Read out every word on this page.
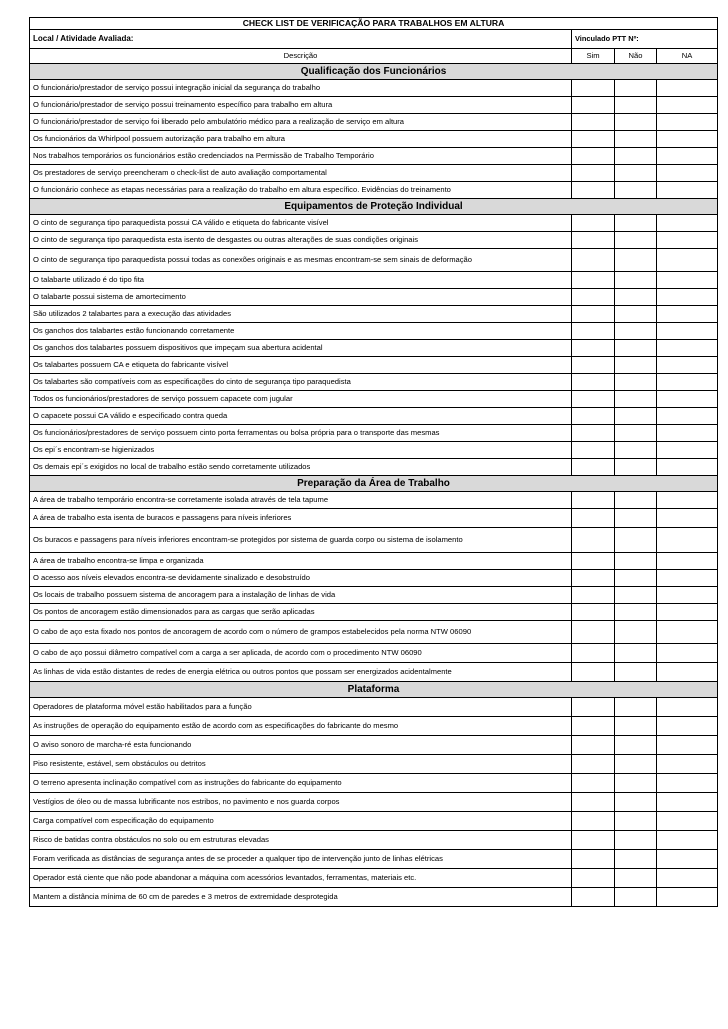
CHECK LIST DE VERIFICAÇÃO PARA TRABALHOS EM ALTURA			
Local / Atividade Avaliada:	Vinculado PTT Nº:		
Descrição	Sim	Não	NA
Qualificação dos Funcionários			
O funcionário/prestador de serviço possui integração inicial da segurança do trabalho			
O funcionário/prestador de serviço possui treinamento específico para trabalho em altura			
O funcionário/prestador de serviço foi liberado pelo ambulatório médico para a realização de serviço em altura			
Os funcionários da Whirlpool possuem autorização para trabalho em altura			
Nos trabalhos temporários os funcionários estão credenciados na Permissão de Trabalho Temporário			
Os prestadores de serviço preencheram o check-list de auto avaliação comportamental			
O funcionário conhece as etapas necessárias para a realização do trabalho em altura específico. Evidências do treinamento			
Equipamentos de Proteção Individual			
O cinto de segurança tipo paraquedista possui CA válido e etiqueta do fabricante visível			
O cinto de segurança tipo paraquedista esta isento de desgastes ou outras alterações de suas condições originais			
O cinto de segurança tipo paraquedista possui todas as conexões originais e as mesmas encontram-se sem sinais de deformação			
O talabarte utilizado é do tipo fita			
O talabarte possui sistema de amortecimento			
São utilizados 2 talabartes para a execução das atividades			
Os ganchos dos talabartes estão funcionando corretamente			
Os ganchos dos talabartes possuem dispositivos que impeçam sua abertura acidental			
Os talabartes possuem CA e etiqueta do fabricante visível			
Os talabartes são compatíveis com as especificações do cinto de segurança tipo paraquedista			
Todos os funcionários/prestadores de serviço possuem capacete com jugular			
O capacete possui CA válido e especificado contra queda			
Os funcionários/prestadores de serviço possuem cinto porta ferramentas ou bolsa própria para o transporte das mesmas			
Os epi´s encontram-se higienizados			
Os demais epi´s exigidos no local de trabalho estão sendo corretamente utilizados			
Preparação da Área de Trabalho			
A área de trabalho temporário encontra-se corretamente isolada através de tela tapume			
A área de trabalho esta isenta de buracos e passagens para níveis inferiores			
Os buracos e passagens para níveis inferiores encontram-se protegidos por sistema de guarda corpo ou sistema de isolamento			
A área de trabalho encontra-se limpa e organizada			
O acesso aos níveis elevados encontra-se devidamente sinalizado e desobstruído			
Os locais de trabalho possuem sistema de ancoragem para a instalação de linhas de vida			
Os pontos de ancoragem estão dimensionados para as cargas que serão aplicadas			
O cabo de aço esta fixado nos pontos de ancoragem de acordo com o número de grampos estabelecidos pela norma NTW 06090			
O cabo de aço possui diâmetro compatível com a carga a ser aplicada, de acordo com o procedimento NTW 06090			
As linhas de vida estão distantes de redes de energia elétrica ou outros pontos que possam ser energizados acidentalmente			
Plataforma			
Operadores de plataforma móvel estão habilitados para a função			
As instruções de operação do equipamento estão de acordo com as especificações do fabricante do mesmo			
O aviso sonoro de marcha-ré esta funcionando			
Piso resistente, estável, sem obstáculos ou detritos			
O terreno apresenta inclinação compatível com as instruções do fabricante do equipamento			
Vestígios de óleo ou de massa lubrificante nos estribos, no pavimento e nos guarda corpos			
Carga compatível com especificação do equipamento			
Risco de batidas contra obstáculos no solo ou em estruturas elevadas			
Foram verificada as distâncias de segurança antes de se proceder a qualquer tipo de intervenção junto de linhas elétricas			
Operador está ciente que não pode abandonar a máquina com acessórios levantados, ferramentas, materiais etc.			
Mantem a distância mínima de 60 cm de paredes e 3 metros de extremidade desprotegida			
